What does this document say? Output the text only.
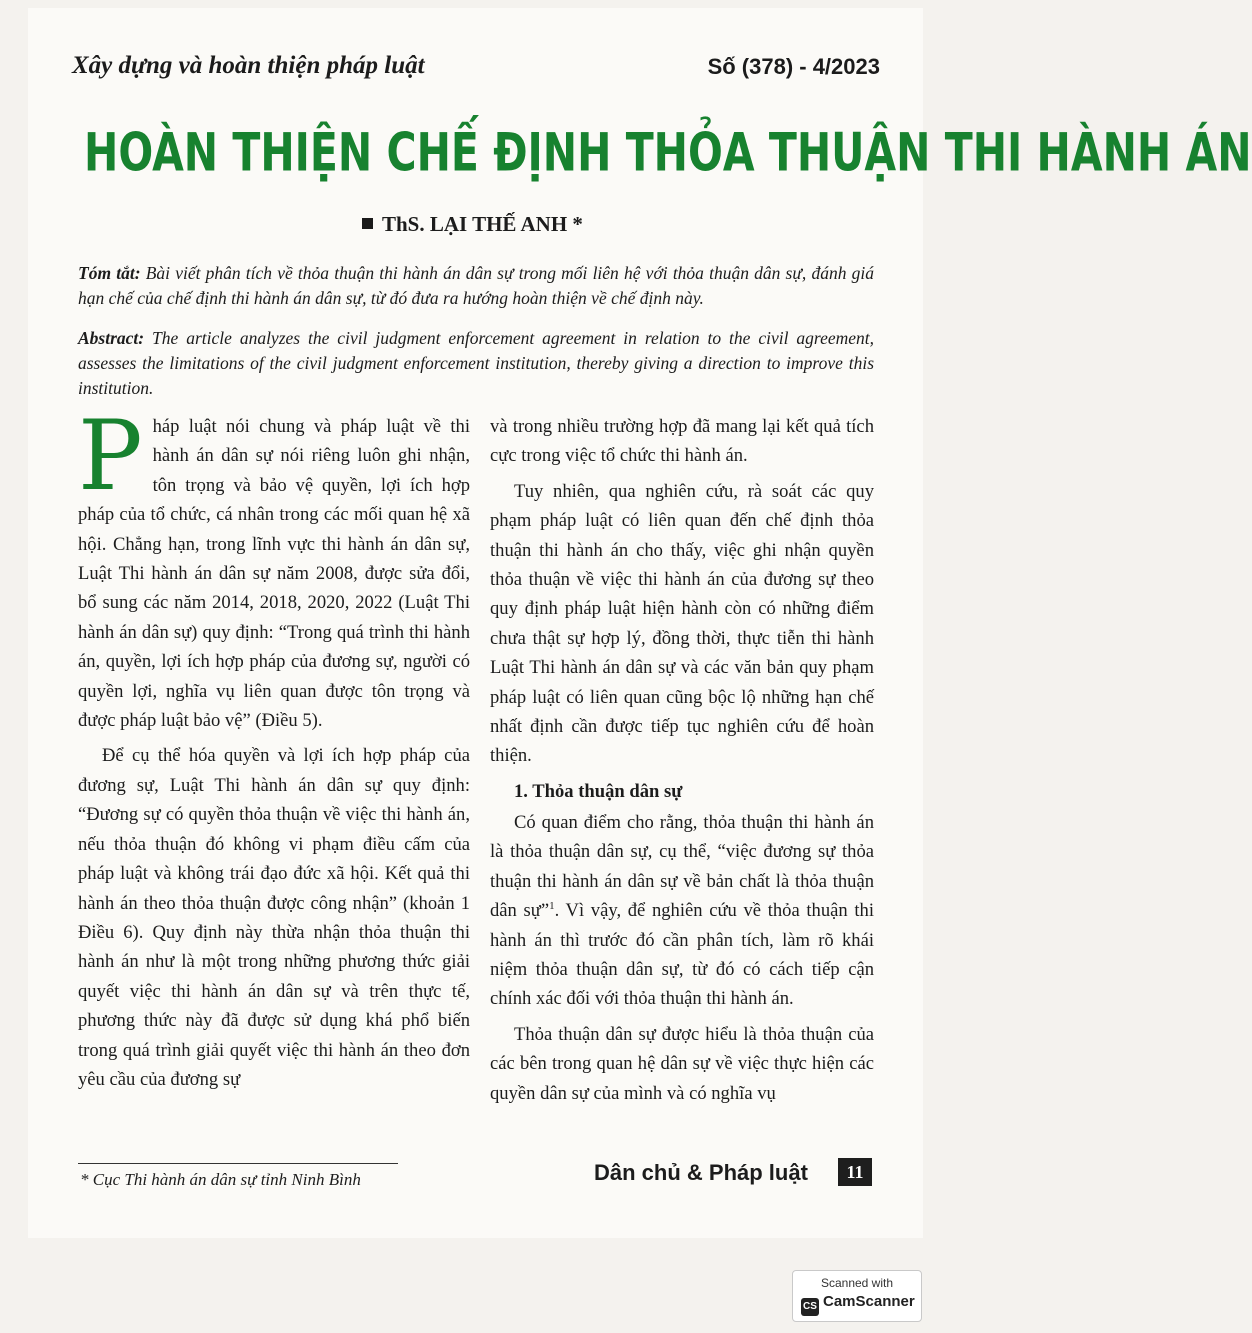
Xây dựng và hoàn thiện pháp luật	Số (378) - 4/2023
HOÀN THIỆN CHẾ ĐỊNH THỎA THUẬN THI HÀNH ÁN
ThS. LẠI THẾ ANH *
Tóm tắt: Bài viết phân tích về thỏa thuận thi hành án dân sự trong mối liên hệ với thỏa thuận dân sự, đánh giá hạn chế của chế định thi hành án dân sự, từ đó đưa ra hướng hoàn thiện về chế định này.
Abstract: The article analyzes the civil judgment enforcement agreement in relation to the civil agreement, assesses the limitations of the civil judgment enforcement institution, thereby giving a direction to improve this institution.

Pháp luật nói chung và pháp luật về thi hành án dân sự nói riêng luôn ghi nhận, tôn trọng và bảo vệ quyền, lợi ích hợp pháp của tổ chức, cá nhân trong các mối quan hệ xã hội. Chẳng hạn, trong lĩnh vực thi hành án dân sự, Luật Thi hành án dân sự năm 2008, được sửa đổi, bổ sung các năm 2014, 2018, 2020, 2022 (Luật Thi hành án dân sự) quy định: “Trong quá trình thi hành án, quyền, lợi ích hợp pháp của đương sự, người có quyền lợi, nghĩa vụ liên quan được tôn trọng và được pháp luật bảo vệ” (Điều 5).

Để cụ thể hóa quyền và lợi ích hợp pháp của đương sự, Luật Thi hành án dân sự quy định: “Đương sự có quyền thỏa thuận về việc thi hành án, nếu thỏa thuận đó không vi phạm điều cấm của pháp luật và không trái đạo đức xã hội. Kết quả thi hành án theo thỏa thuận được công nhận” (khoản 1 Điều 6). Quy định này thừa nhận thỏa thuận thi hành án như là một trong những phương thức giải quyết việc thi hành án dân sự và trên thực tế, phương thức này đã được sử dụng khá phổ biến trong quá trình giải quyết việc thi hành án theo đơn yêu cầu của đương sự

và trong nhiều trường hợp đã mang lại kết quả tích cực trong việc tổ chức thi hành án.

Tuy nhiên, qua nghiên cứu, rà soát các quy phạm pháp luật có liên quan đến chế định thỏa thuận thi hành án cho thấy, việc ghi nhận quyền thỏa thuận về việc thi hành án của đương sự theo quy định pháp luật hiện hành còn có những điểm chưa thật sự hợp lý, đồng thời, thực tiễn thi hành Luật Thi hành án dân sự và các văn bản quy phạm pháp luật có liên quan cũng bộc lộ những hạn chế nhất định cần được tiếp tục nghiên cứu để hoàn thiện.

1. Thỏa thuận dân sự

Có quan điểm cho rằng, thỏa thuận thi hành án là thỏa thuận dân sự, cụ thể, “việc đương sự thỏa thuận thi hành án dân sự về bản chất là thỏa thuận dân sự”$^1$. Vì vậy, để nghiên cứu về thỏa thuận thi hành án thì trước đó cần phân tích, làm rõ khái niệm thỏa thuận dân sự, từ đó có cách tiếp cận chính xác đối với thỏa thuận thi hành án.

Thỏa thuận dân sự được hiểu là thỏa thuận của các bên trong quan hệ dân sự về việc thực hiện các quyền dân sự của mình và có nghĩa vụ

* Cục Thi hành án dân sự tỉnh Ninh Bình	Dân chủ & Pháp luật	11
Scanned with
CS CamScanner
